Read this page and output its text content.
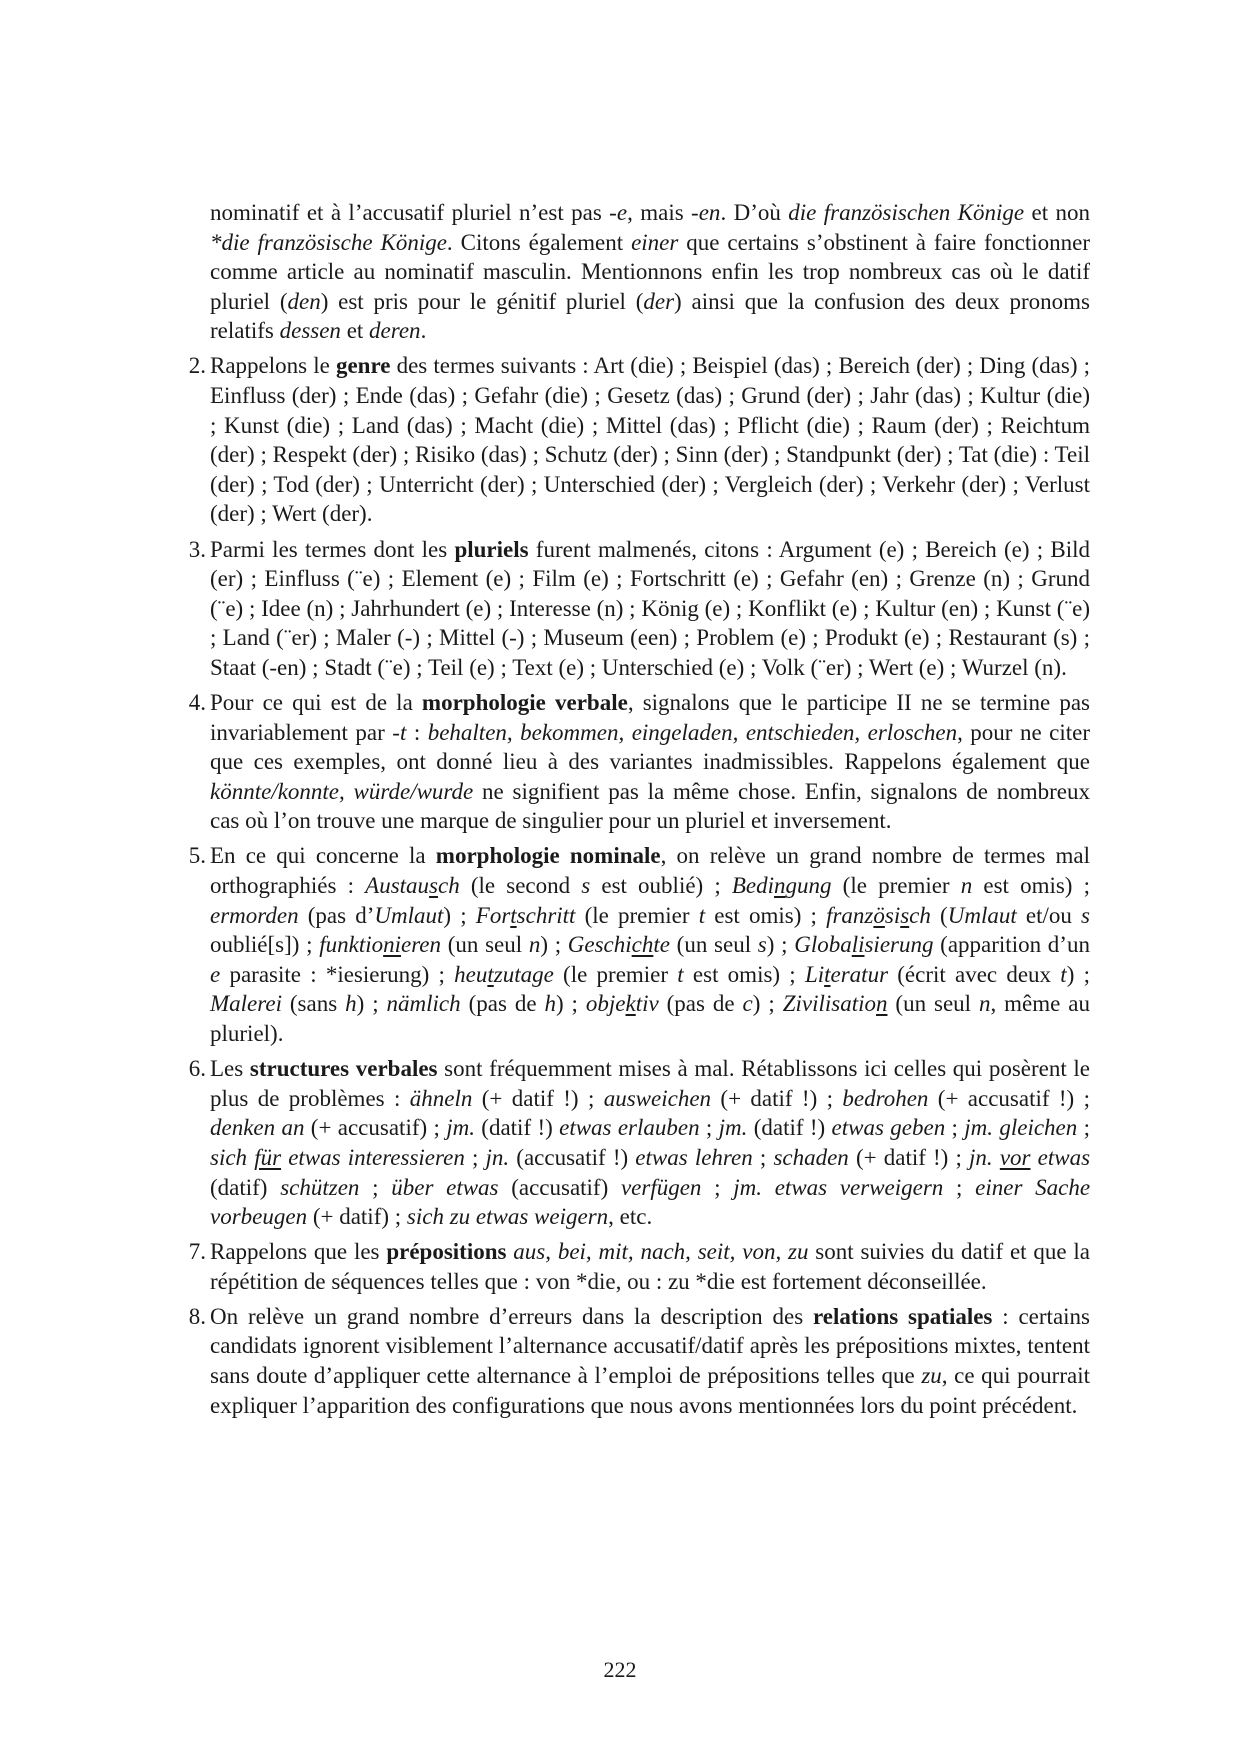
nominatif et à l’accusatif pluriel n’est pas -e, mais -en. D’où die französischen Könige et non *die französische Könige. Citons également einer que certains s’obstinent à faire fonctionner comme article au nominatif masculin. Mentionnons enfin les trop nombreux cas où le datif pluriel (den) est pris pour le génitif pluriel (der) ainsi que la confusion des deux pronoms relatifs dessen et deren.

2. Rappelons le genre des termes suivants : Art (die) ; Beispiel (das) ; Bereich (der) ; Ding (das) ; Einfluss (der) ; Ende (das) ; Gefahr (die) ; Gesetz (das) ; Grund (der) ; Jahr (das) ; Kultur (die) ; Kunst (die) ; Land (das) ; Macht (die) ; Mittel (das) ; Pflicht (die) ; Raum (der) ; Reichtum (der) ; Respekt (der) ; Risiko (das) ; Schutz (der) ; Sinn (der) ; Standpunkt (der) ; Tat (die) : Teil (der) ; Tod (der) ; Unterricht (der) ; Unterschied (der) ; Vergleich (der) ; Verkehr (der) ; Verlust (der) ; Wert (der).
3. Parmi les termes dont les pluriels furent malmenés, citons : Argument (e) ; Bereich (e) ; Bild (er) ; Einfluss (¨e) ; Element (e) ; Film (e) ; Fortschritt (e) ; Gefahr (en) ; Grenze (n) ; Grund (¨e) ; Idee (n) ; Jahrhundert (e) ; Interesse (n) ; König (e) ; Konflikt (e) ; Kultur (en) ; Kunst (¨e) ; Land (¨er) ; Maler (-) ; Mittel (-) ; Museum (een) ; Problem (e) ; Produkt (e) ; Restaurant (s) ; Staat (-en) ; Stadt (¨e) ; Teil (e) ; Text (e) ; Unterschied (e) ; Volk (¨er) ; Wert (e) ; Wurzel (n).
4. Pour ce qui est de la morphologie verbale, signalons que le participe II ne se termine pas invariablement par -t : behalten, bekommen, eingeladen, entschieden, erloschen, pour ne citer que ces exemples, ont donné lieu à des variantes inadmissibles. Rappelons également que könnte/konnte, würde/wurde ne signifient pas la même chose. Enfin, signalons de nombreux cas où l’on trouve une marque de singulier pour un pluriel et inversement.
5. En ce qui concerne la morphologie nominale, on relève un grand nombre de termes mal orthographiés : Austausch (le second s est oublié) ; Bedingung (le premier n est omis) ; ermorden (pas d’Umlaut) ; Fortschritt (le premier t est omis) ; französisch (Umlaut et/ou s oublié[s]) ; funktionieren (un seul n) ; Geschichte (un seul s) ; Globalisierung (apparition d’un e parasite : *iesierung) ; heutzutage (le premier t est omis) ; Literatur (écrit avec deux t) ; Malerei (sans h) ; nämlich (pas de h) ; objektiv (pas de c) ; Zivilisation (un seul n, même au pluriel).
6. Les structures verbales sont fréquemment mises à mal. Rétablissons ici celles qui posèrent le plus de problèmes : ähneln (+ datif !) ; ausweichen (+ datif !) ; bedrohen (+ accusatif !) ; denken an (+ accusatif) ; jm. (datif !) etwas erlauben ; jm. (datif !) etwas geben ; jm. gleichen ; sich für etwas interessieren ; jn. (accusatif !) etwas lehren ; schaden (+ datif !) ; jn. vor etwas (datif) schützen ; über etwas (accusatif) verfügen ; jm. etwas verweigern ; einer Sache vorbeugen (+ datif) ; sich zu etwas weigern, etc.
7. Rappelons que les prépositions aus, bei, mit, nach, seit, von, zu sont suivies du datif et que la répétition de séquences telles que : von *die, ou : zu *die est fortement déconseillée.
8. On relève un grand nombre d’erreurs dans la description des relations spatiales : certains candidats ignorent visiblement l’alternance accusatif/datif après les prépositions mixtes, tentent sans doute d’appliquer cette alternance à l’emploi de prépositions telles que zu, ce qui pourrait expliquer l’apparition des configurations que nous avons mentionnées lors du point précédent.
222
